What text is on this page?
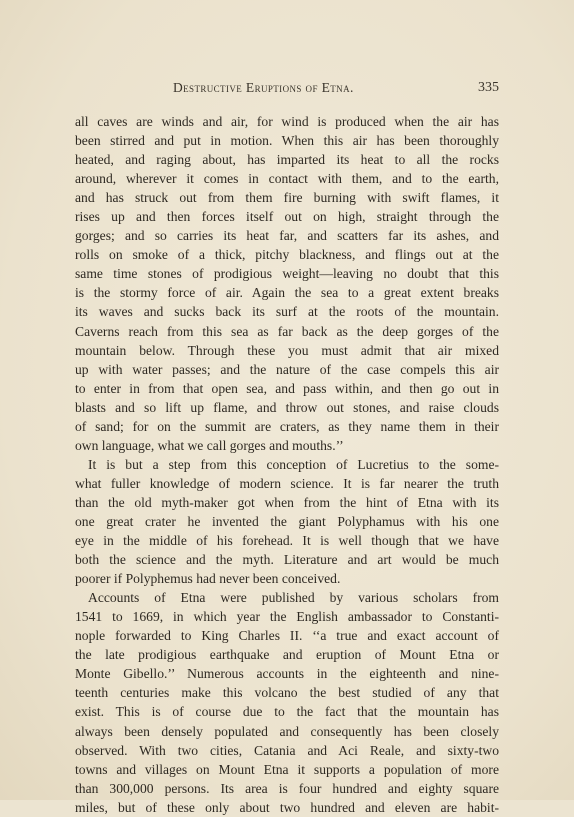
Destructive Eruptions of Etna.	335
all caves are winds and air, for wind is produced when the air has
been stirred and put in motion. When this air has been thoroughly
heated, and raging about, has imparted its heat to all the rocks
around, wherever it comes in contact with them, and to the earth,
and has struck out from them fire burning with swift flames, it
rises up and then forces itself out on high, straight through the
gorges; and so carries its heat far, and scatters far its ashes, and
rolls on smoke of a thick, pitchy blackness, and flings out at the
same time stones of prodigious weight—leaving no doubt that this
is the stormy force of air. Again the sea to a great extent breaks
its waves and sucks back its surf at the roots of the mountain.
Caverns reach from this sea as far back as the deep gorges of the
mountain below. Through these you must admit that air mixed
up with water passes; and the nature of the case compels this air
to enter in from that open sea, and pass within, and then go out in
blasts and so lift up flame, and throw out stones, and raise clouds
of sand; for on the summit are craters, as they name them in their
own language, what we call gorges and mouths.’’
It is but a step from this conception of Lucretius to the some-
what fuller knowledge of modern science. It is far nearer the truth
than the old myth-maker got when from the hint of Etna with its
one great crater he invented the giant Polyphamus with his one
eye in the middle of his forehead. It is well though that we have
both the science and the myth. Literature and art would be much
poorer if Polyphemus had never been conceived.
Accounts of Etna were published by various scholars from
1541 to 1669, in which year the English ambassador to Constanti-
nople forwarded to King Charles II. ‘‘a true and exact account of
the late prodigious earthquake and eruption of Mount Etna or
Monte Gibello.’’ Numerous accounts in the eighteenth and nine-
teenth centuries make this volcano the best studied of any that
exist. This is of course due to the fact that the mountain has
always been densely populated and consequently has been closely
observed. With two cities, Catania and Aci Reale, and sixty-two
towns and villages on Mount Etna it supports a population of more
than 300,000 persons. Its area is four hundred and eighty square
miles, but of these only about two hundred and eleven are habit-
